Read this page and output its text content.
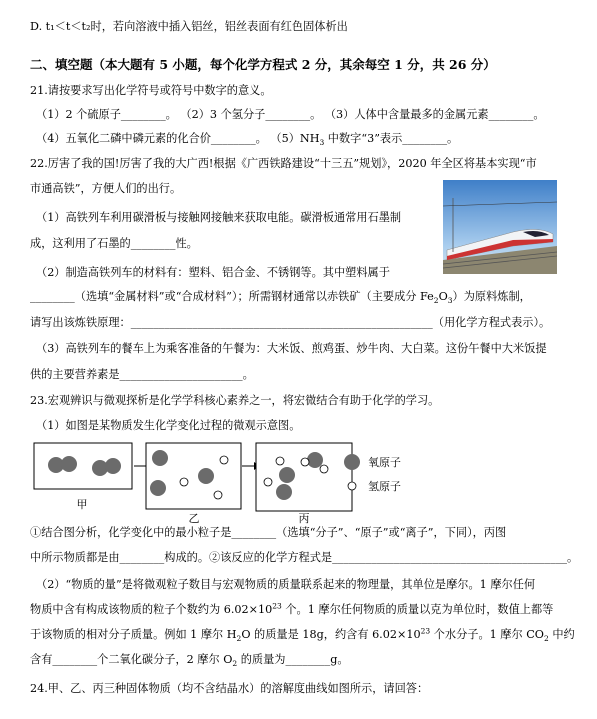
D. t₁＜t＜t₂时，若向溶液中插入铝丝，铝丝表面有红色固体析出
二、填空题（本大题有 5 小题，每个化学方程式 2 分，其余每空 1 分，共 26 分）
21.请按要求写出化学符号或符号中数字的意义。
（1）2 个硫原子________。 （2）3 个氢分子________。 （3）人体中含量最多的金属元素________。
（4）五氧化二磷中磷元素的化合价________。 $(5)NH_3$ 中数字“3”表示________。
22.厉害了我的国!厉害了我的大广西!根据《广西铁路建设“十三五”规划》，2020 年全区将基本实现“市
市通高铁”，方便人们的出行。
（1）高铁列车利用碳滑板与接触网接触来获取电能。碳滑板通常用石墨制
成，这利用了石墨的________性。
（2）制造高铁列车的材料有：塑料、铝合金、不锈钢等。其中塑料属于
________（选填“金属材料”或“合成材料”）；所需钢材通常以赤铁矿（主要成分 $Fe_2O_3$）为原料炼制，
请写出该炼铁原理：______________________________________________________（用化学方程式表示）。
（3）高铁列车的餐车上为乘客准备的午餐为：大米饭、煎鸡蛋、炒牛肉、大白菜。这份午餐中大米饭提
供的主要营养素是______________________。
23.宏观辨识与微观探析是化学学科核心素养之一，将宏微结合有助于化学的学习。
（1）如图是某物质发生化学变化过程的微观示意图。
甲
乙	丙
氧原子
氢原子
①结合图分析，化学变化中的最小粒子是________（选填“分子”、“原子”或“离子”，下同），丙图
中所示物质都是由________构成的。②该反应的化学方程式是__________________________________________。
（2）“物质的量”是将微观粒子数目与宏观物质的质量联系起来的物理量，其单位是摩尔。1 摩尔任何
物质中含有构成该物质的粒子个数约为 $6.02\times 10^{23}$ 个。1 摩尔任何物质的质量以克为单位时，数值上都等
于该物质的相对分子质量。例如 1 摩尔 $H_2O$ 的质量是 18g，约含有 $6.02\times 10^{23}$ 个水分子。1 摩尔 $CO_2$ 中约
含有________个二氧化碳分子，2 摩尔 $O_2$ 的质量为________g。
24.甲、乙、丙三种固体物质（均不含结晶水）的溶解度曲线如图所示，请回答：
